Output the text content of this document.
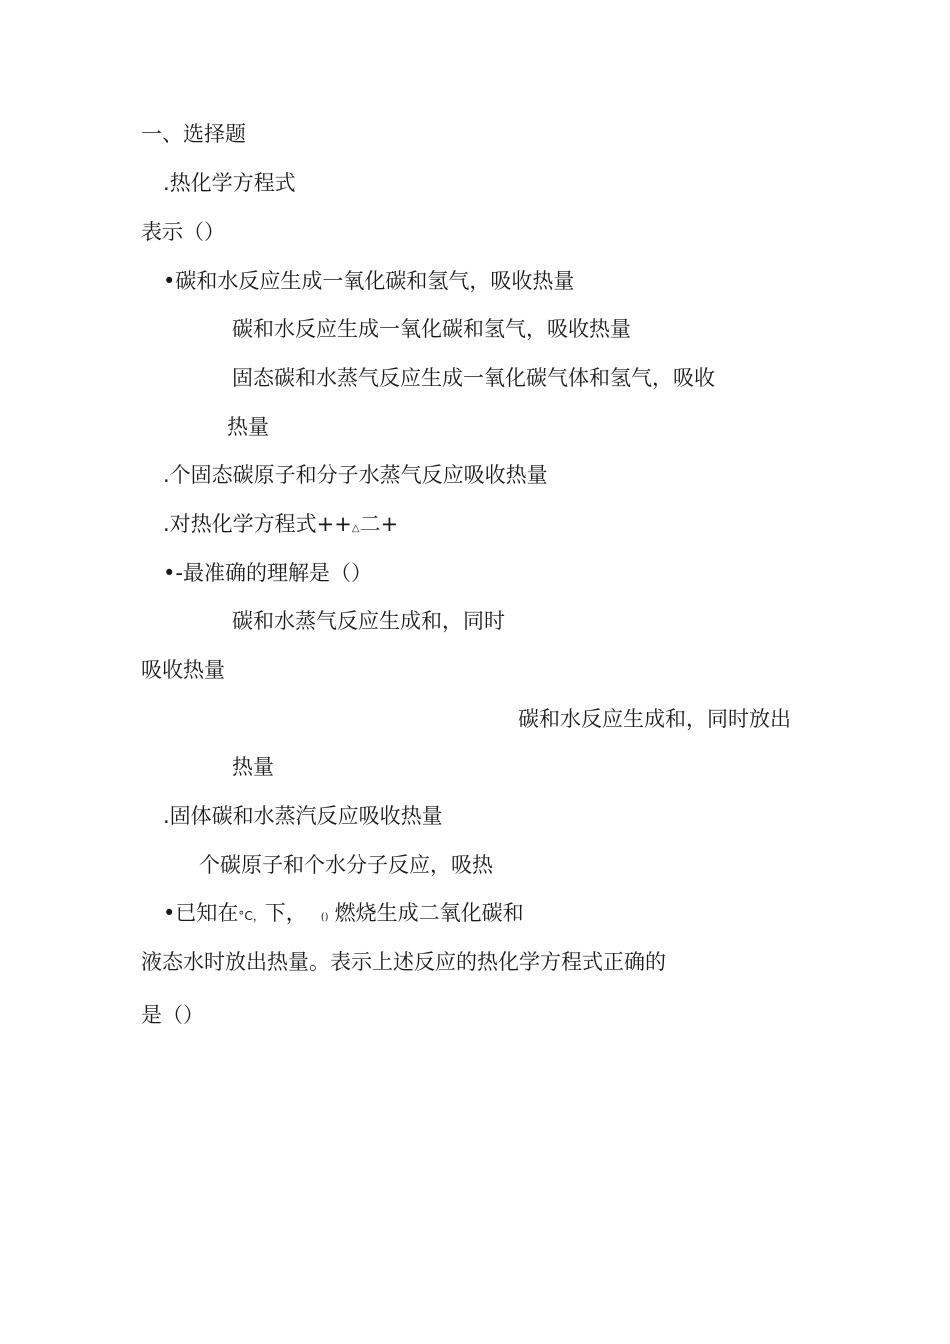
一、选择题
.热化学方程式
表示（）
•碳和水反应生成一氧化碳和氢气，吸收热量
碳和水反应生成一氧化碳和氢气，吸收热量
固态碳和水蒸气反应生成一氧化碳气体和氢气，吸收
热量
.个固态碳原子和分子水蒸气反应吸收热量
.对热化学方程式++△二+
•-最准确的理解是（）
碳和水蒸气反应生成和，同时
吸收热量
碳和水反应生成和，同时放出
热量
.固体碳和水蒸汽反应吸收热量
个碳原子和个水分子反应，吸热
•已知在°C，下， () 燃烧生成二氧化碳和
液态水时放出热量。表示上述反应的热化学方程式正确的
是（）
